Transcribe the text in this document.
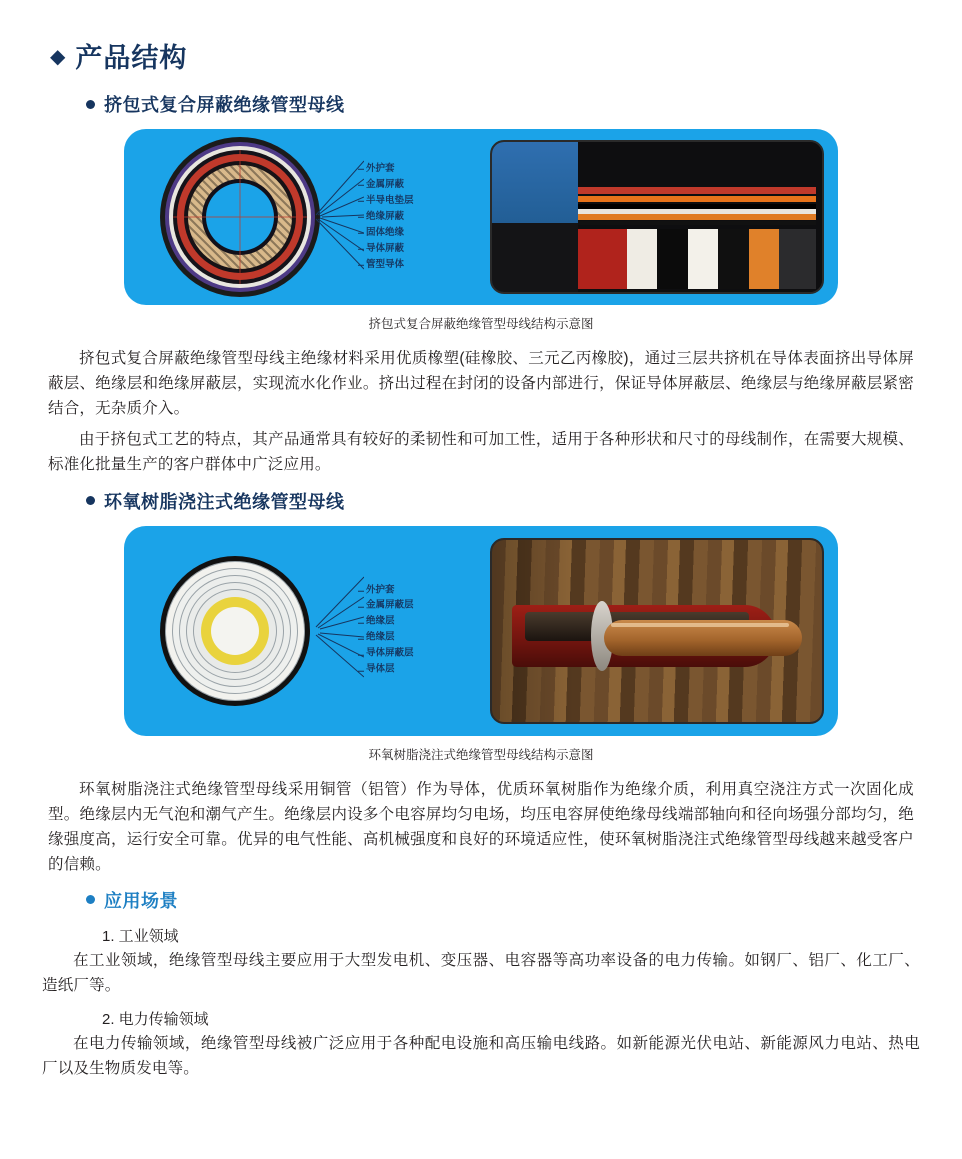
◆ 产品结构
挤包式复合屏蔽绝缘管型母线
外护套
金属屏蔽
半导电垫层
绝缘屏蔽
固体绝缘
导体屏蔽
管型导体
挤包式复合屏蔽绝缘管型母线结构示意图

挤包式复合屏蔽绝缘管型母线主绝缘材料采用优质橡塑(硅橡胶、三元乙丙橡胶)，通过三层共挤机在导体表面挤出导体屏蔽层、绝缘层和绝缘屏蔽层，实现流水化作业。挤出过程在封闭的设备内部进行，保证导体屏蔽层、绝缘层与绝缘屏蔽层紧密结合，无杂质介入。

由于挤包式工艺的特点，其产品通常具有较好的柔韧性和可加工性，适用于各种形状和尺寸的母线制作，在需要大规模、标准化批量生产的客户群体中广泛应用。

环氧树脂浇注式绝缘管型母线
外护套
金属屏蔽层
绝缘层
绝缘层
导体屏蔽层
导体层
环氧树脂浇注式绝缘管型母线结构示意图

环氧树脂浇注式绝缘管型母线采用铜管（铝管）作为导体，优质环氧树脂作为绝缘介质，利用真空浇注方式一次固化成型。绝缘层内无气泡和潮气产生。绝缘层内设多个电容屏均匀电场，均压电容屏使绝缘母线端部轴向和径向场强分部均匀，绝缘强度高，运行安全可靠。优异的电气性能、高机械强度和良好的环境适应性，使环氧树脂浇注式绝缘管型母线越来越受客户的信赖。

应用场景
1. 工业领域

在工业领域，绝缘管型母线主要应用于大型发电机、变压器、电容器等高功率设备的电力传输。如钢厂、铝厂、化工厂、造纸厂等。

2. 电力传输领域

在电力传输领域，绝缘管型母线被广泛应用于各种配电设施和高压输电线路。如新能源光伏电站、新能源风力电站、热电厂以及生物质发电等。
